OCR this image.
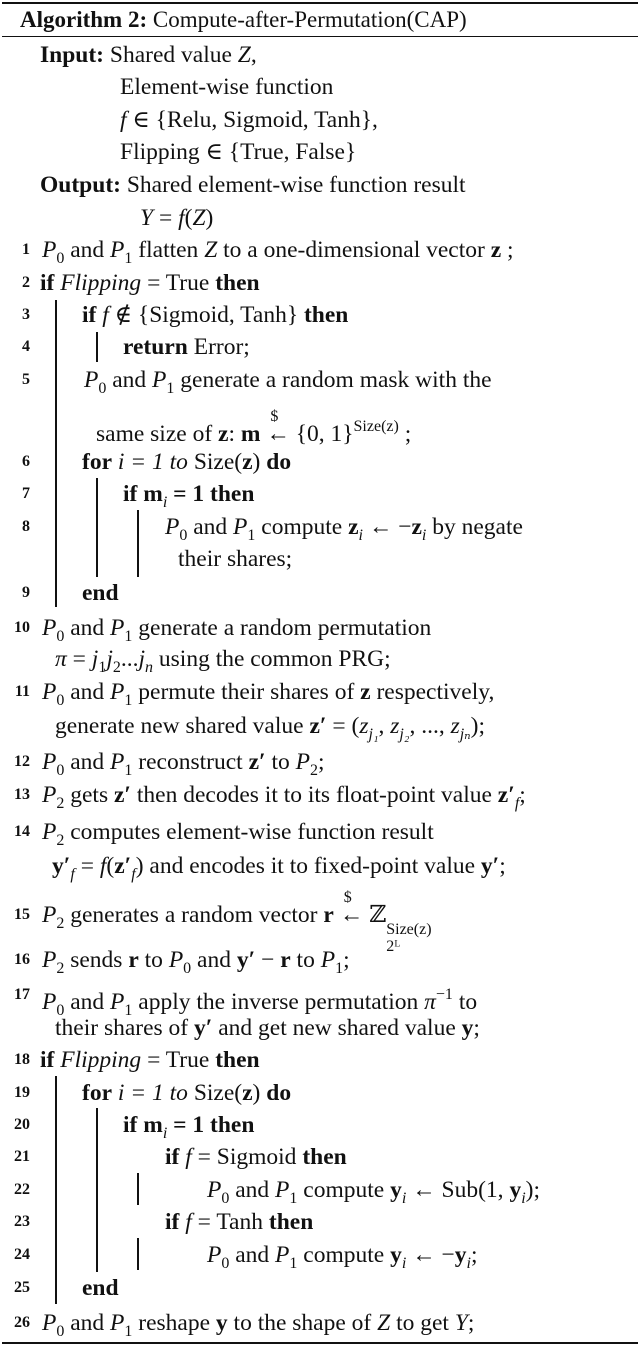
Algorithm 2: Compute-after-Permutation(CAP)
Input: Shared value Z,
Element-wise function
f ∈ {Relu, Sigmoid, Tanh},
Flipping ∈ {True, False}
Output: Shared element-wise function result
Y = f(Z)
1 $P_0$ and $P_1$ flatten Z to a one-dimensional vector z ;
2 if Flipping = True then
3 if f ∉ {Sigmoid, Tanh} then
4	return Error;
5 $P_0$ and $P_1$ generate a random mask with the
same size of z: m $← {0, 1}$^{Size(z)}$ ;
6 for i = 1 to Size(z) do
7	if $m_i = 1$ then
8	$P_0$ and $P_1$ compute $z_i$ ← $-z_i$ by negate
their shares;
9 end
10 $P_0$ and $P_1$ generate a random permutation
$\pi = j_1j_2...j_n$ using the common PRG;
11 $P_0$ and $P_1$ permute their shares of z respectively,
generate new shared value $z' = (z_{j_1}$, $z_{j_2}$, ..., $z_{j_n}$);
12 $P_0$ and $P_1$ reconstruct z′ to $P_2$;
13 $P_2$ gets z′ then decodes it to its float-point value $z'_f$;
14 $P_2$ computes element-wise function result
$y'_f = f(z'_f)$ and encodes it to fixed-point value y′;
15 $P_2$ generates a random vector r $← ℤ
Size(z)
2ᴸ
16 $P_2$ sends r to $P_0$ and y′ − r to $P_1$;
17 $P_0$ and $P_1$ apply the inverse permutation $\pi^{-1}$ to
their shares of y′ and get new shared value y;
18 if Flipping = True then
19 for i = 1 to Size(z) do
20	if $m_i = 1$ then
21	if f = Sigmoid then
22	$P_0$ and $P_1$ compute $y_i$ ← Sub(1, $y_i$);
23	if f = Tanh then
24	$P_0$ and $P_1$ compute $y_i$ ← $-y_i$;
25 end
26 $P_0$ and $P_1$ reshape y to the shape of Z to get Y;
